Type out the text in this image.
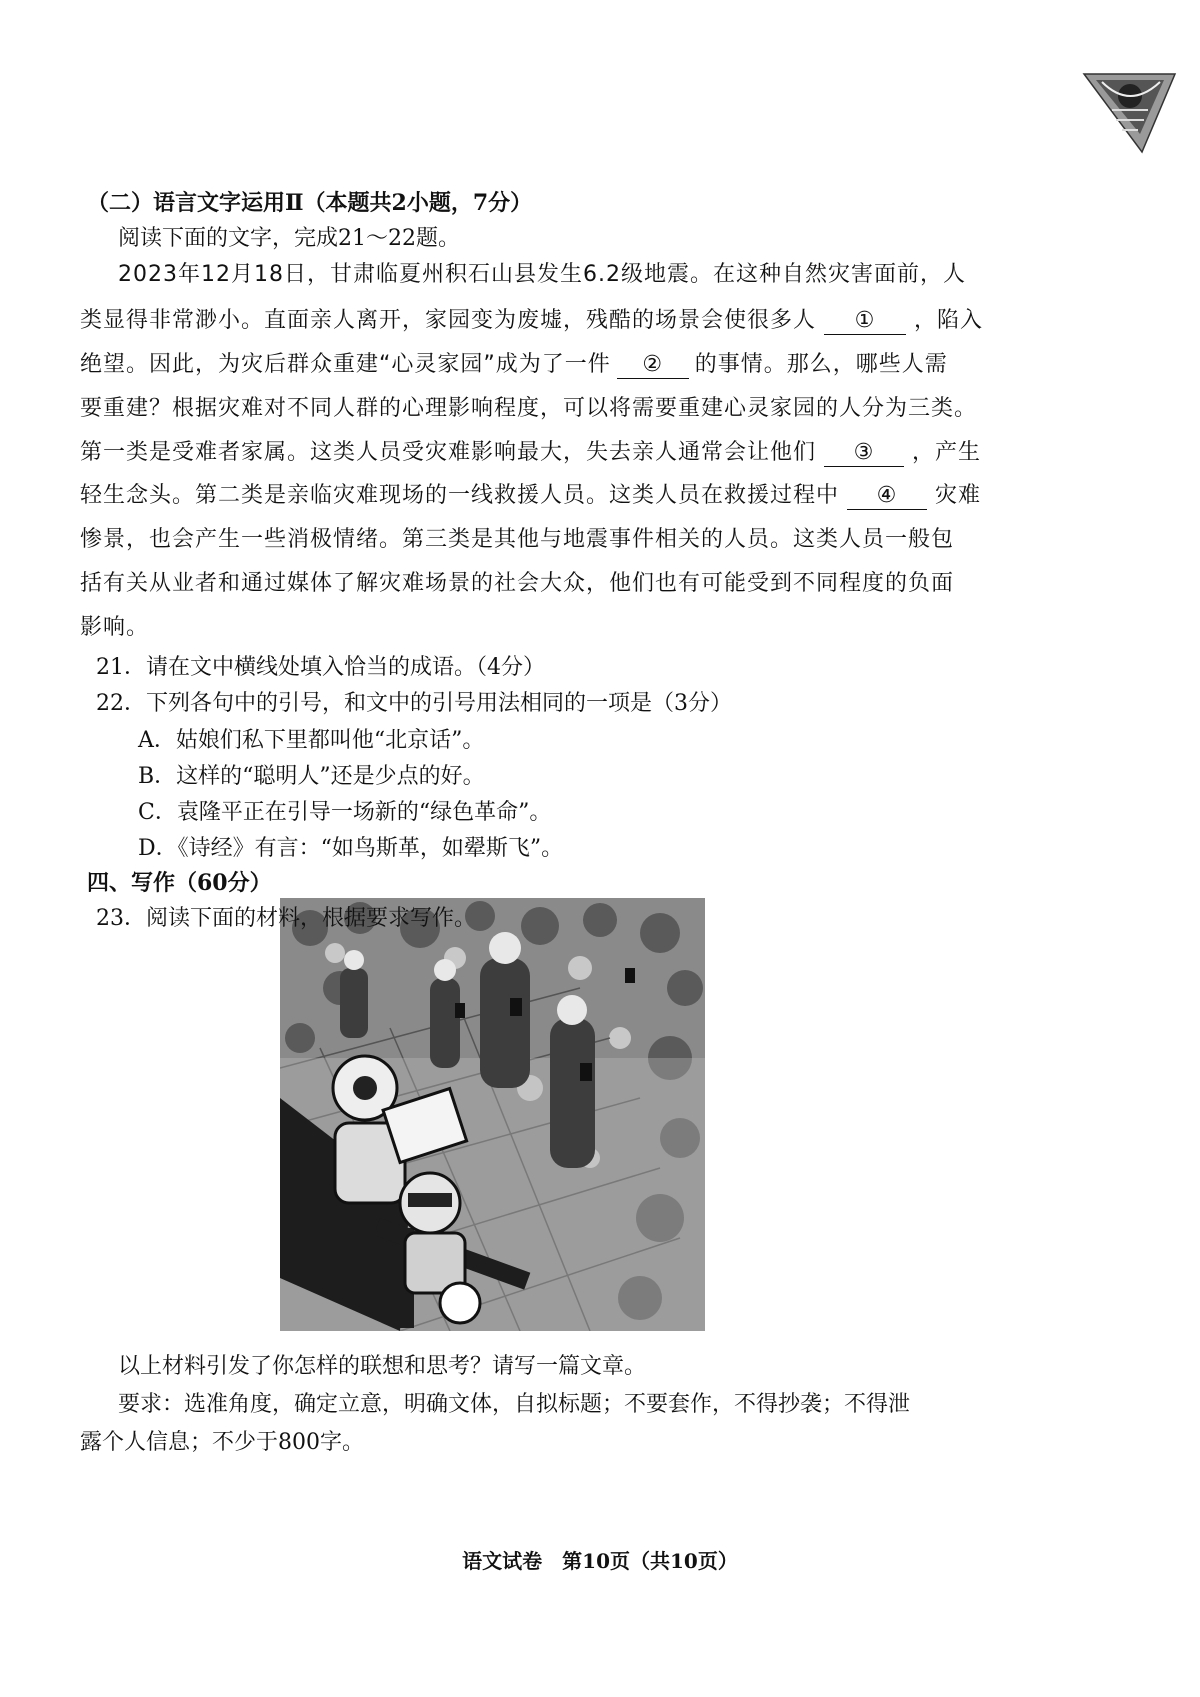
（二）语言文字运用Ⅱ（本题共2小题，7分）
阅读下面的文字，完成21～22题。
2023年12月18日，甘肃临夏州积石山县发生6.2级地震。在这种自然灾害面前，人
类显得非常渺小。直面亲人离开，家园变为废墟，残酷的场景会使很多人 ① ，陷入
绝望。因此，为灾后群众重建“心灵家园”成为了一件 ② 的事情。那么，哪些人需
要重建？根据灾难对不同人群的心理影响程度，可以将需要重建心灵家园的人分为三类。
第一类是受难者家属。这类人员受灾难影响最大，失去亲人通常会让他们 ③ ，产生
轻生念头。第二类是亲临灾难现场的一线救援人员。这类人员在救援过程中 ④ 灾难
惨景，也会产生一些消极情绪。第三类是其他与地震事件相关的人员。这类人员一般包
括有关从业者和通过媒体了解灾难场景的社会大众，他们也有可能受到不同程度的负面
影响。
21．请在文中横线处填入恰当的成语。（4分）
22．下列各句中的引号，和文中的引号用法相同的一项是（3分）
A．姑娘们私下里都叫他“北京话”。
B．这样的“聪明人”还是少点的好。
C．袁隆平正在引导一场新的“绿色革命”。
D．《诗经》有言：“如鸟斯革，如翚斯飞”。
四、写作（60分）
以上材料引发了你怎样的联想和思考？请写一篇文章。
要求：选准角度，确定立意，明确文体，自拟标题；不要套作，不得抄袭；不得泄
露个人信息；不少于800字。
语文试卷　第10页（共10页）
23．阅读下面的材料，根据要求写作。
